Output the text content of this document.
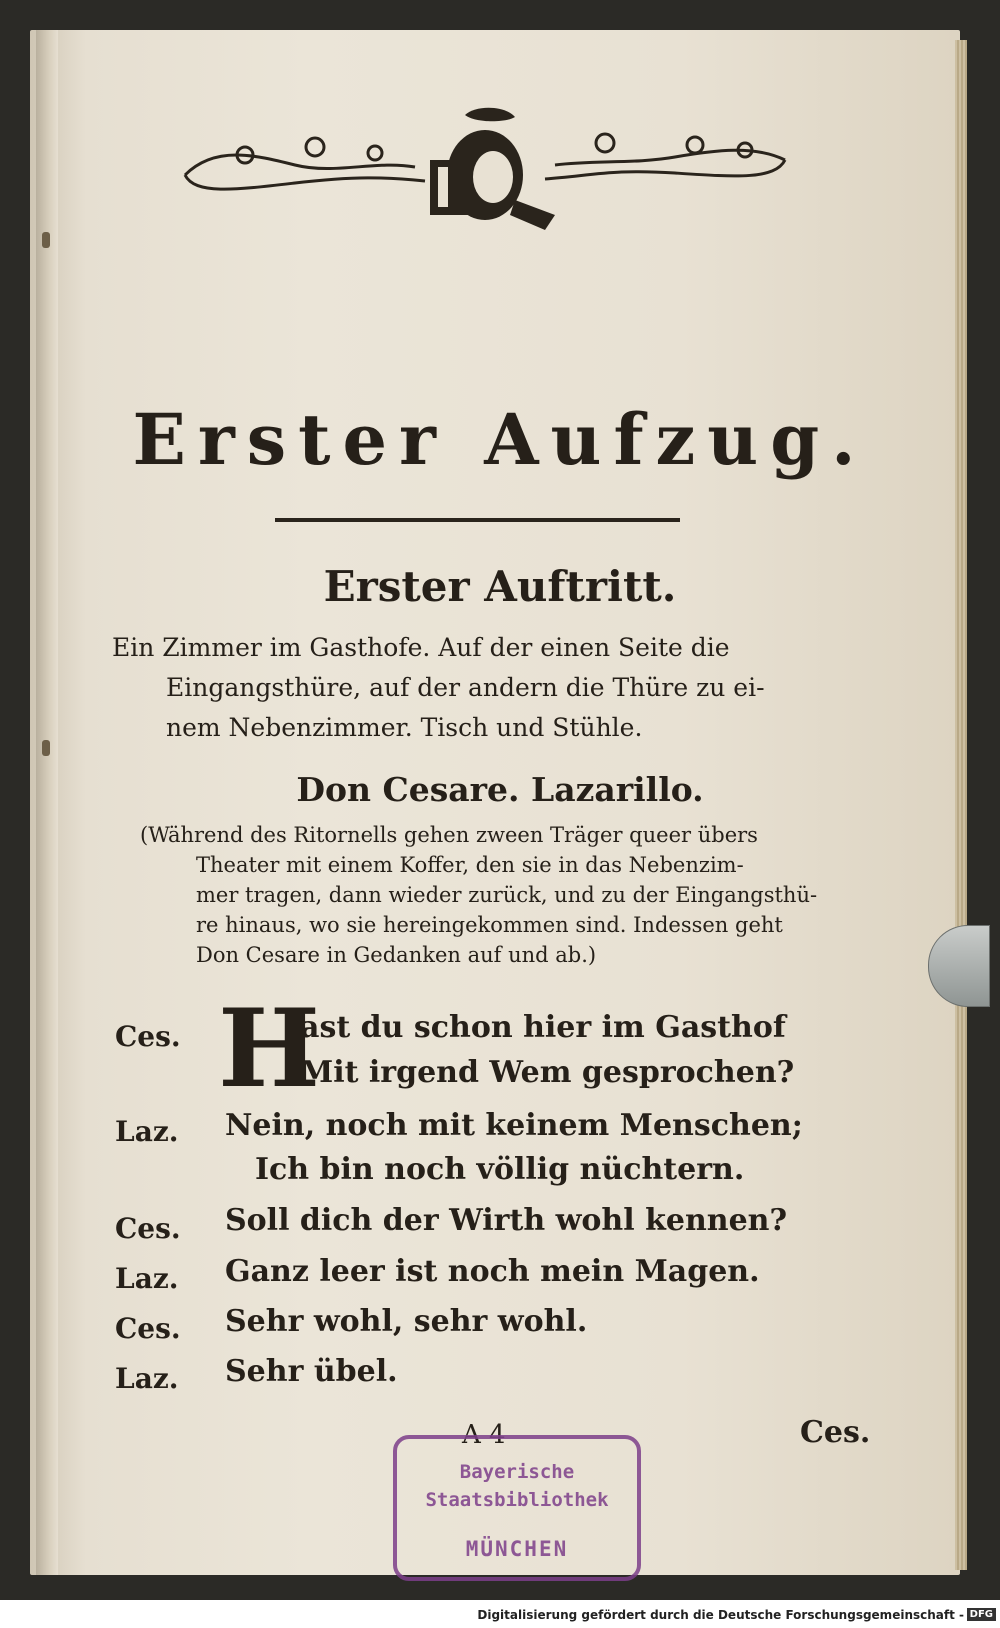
Erster Aufzug.
Erster Auftritt.
Ein Zimmer im Gasthofe. Auf der einen Seite die
Eingangsthüre, auf der andern die Thüre zu ei-
nem Nebenzimmer. Tisch und Stühle.
Don Cesare. Lazarillo.
(Während des Ritornells gehen zween Träger queer übers
Theater mit einem Koffer, den sie in das Nebenzim-
mer tragen, dann wieder zurück, und zu der Eingangsthü-
re hinaus, wo sie hereingekommen sind. Indessen geht
Don Cesare in Gedanken auf und ab.)
H
Ces.	ast du schon hier im Gasthof
Mit irgend Wem gesprochen?
Laz. Nein, noch mit keinem Menschen;
Ich bin noch völlig nüchtern.
Ces. Soll dich der Wirth wohl kennen?
Laz. Ganz leer ist noch mein Magen.
Ces. Sehr wohl, sehr wohl.
Laz. Sehr übel.
A 4	Ces.
Bayerische
Staatsbibliothek
MÜNCHEN
Digitalisierung gefördert durch die Deutsche Forschungsgemeinschaft - DFG
